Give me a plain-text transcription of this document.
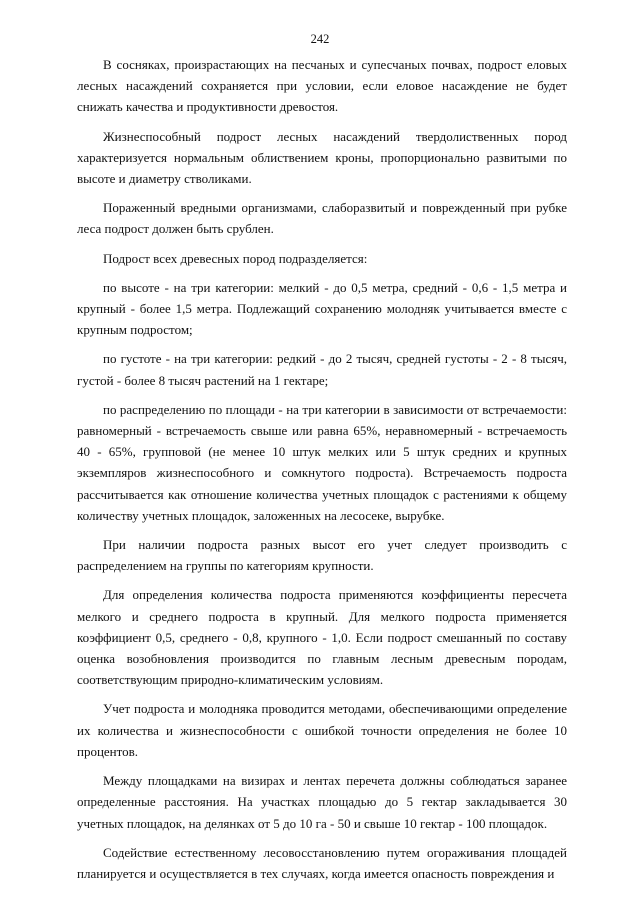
242

В сосняках, произрастающих на песчаных и супесчаных почвах, подрост еловых лесных насаждений сохраняется при условии, если еловое насаждение не будет снижать качества и продуктивности древостоя.

Жизнеспособный подрост лесных насаждений твердолиственных пород характеризуется нормальным облиствением кроны, пропорционально развитыми по высоте и диаметру стволиками.

Пораженный вредными организмами, слаборазвитый и поврежденный при рубке леса подрост должен быть срублен.

Подрост всех древесных пород подразделяется:

по высоте - на три категории: мелкий - до 0,5 метра, средний - 0,6 - 1,5 метра и крупный - более 1,5 метра. Подлежащий сохранению молодняк учитывается вместе с крупным подростом;

по густоте - на три категории: редкий - до 2 тысяч, средней густоты - 2 - 8 тысяч, густой - более 8 тысяч растений на 1 гектаре;

по распределению по площади - на три категории в зависимости от встречаемости: равномерный - встречаемость свыше или равна 65%, неравномерный - встречаемость 40 - 65%, групповой (не менее 10 штук мелких или 5 штук средних и крупных экземпляров жизнеспособного и сомкнутого подроста). Встречаемость подроста рассчитывается как отношение количества учетных площадок с растениями к общему количеству учетных площадок, заложенных на лесосеке, вырубке.

При наличии подроста разных высот его учет следует производить с распределением на группы по категориям крупности.

Для определения количества подроста применяются коэффициенты пересчета мелкого и среднего подроста в крупный. Для мелкого подроста применяется коэффициент 0,5, среднего - 0,8, крупного - 1,0. Если подрост смешанный по составу оценка возобновления производится по главным лесным древесным породам, соответствующим природно-климатическим условиям.

Учет подроста и молодняка проводится методами, обеспечивающими определение их количества и жизнеспособности с ошибкой точности определения не более 10 процентов.

Между площадками на визирах и лентах перечета должны соблюдаться заранее определенные расстояния. На участках площадью до 5 гектар закладывается 30 учетных площадок, на делянках от 5 до 10 га - 50 и свыше 10 гектар - 100 площадок.

Содействие естественному лесовосстановлению путем огораживания площадей планируется и осуществляется в тех случаях, когда имеется опасность повреждения и
